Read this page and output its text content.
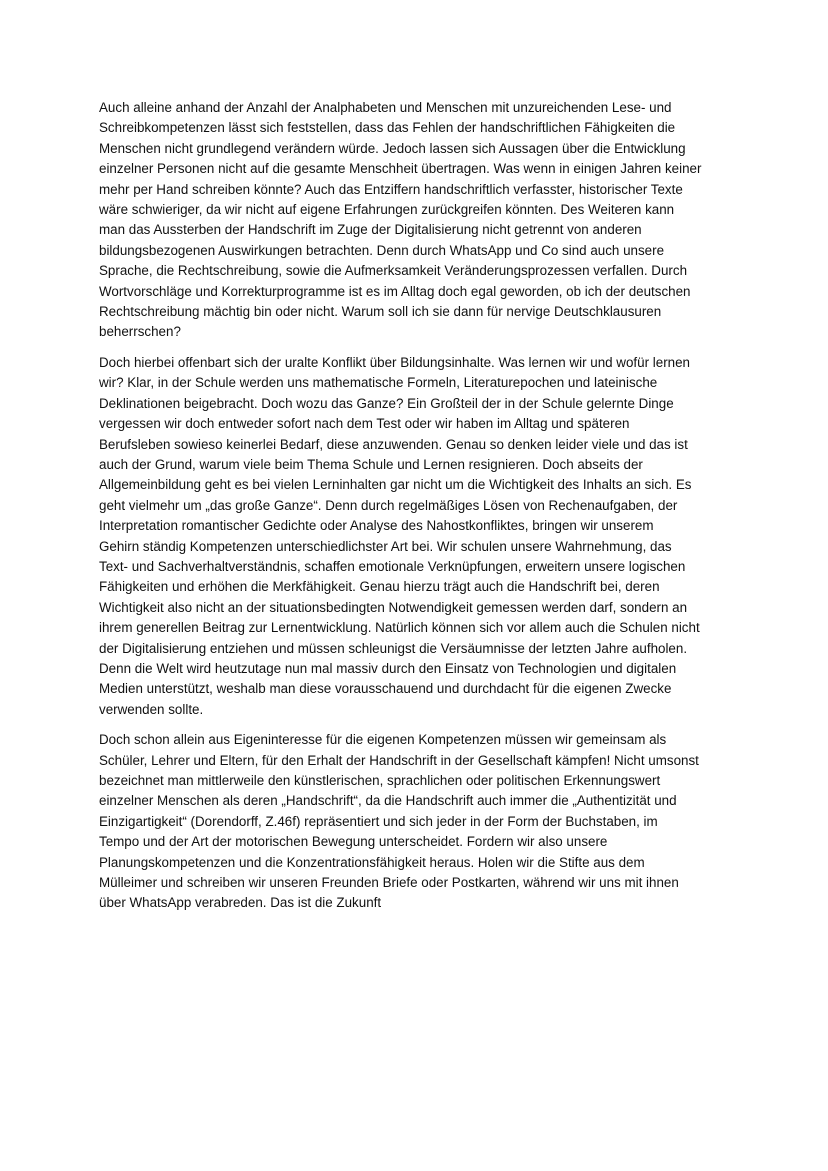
Auch alleine anhand der Anzahl der Analphabeten und Menschen mit unzureichenden Lese- und
Schreibkompetenzen lässt sich feststellen, dass das Fehlen der handschriftlichen Fähigkeiten die
Menschen nicht grundlegend verändern würde. Jedoch lassen sich Aussagen über die Entwicklung
einzelner Personen nicht auf die gesamte Menschheit übertragen. Was wenn in einigen Jahren keiner
mehr per Hand schreiben könnte? Auch das Entziffern handschriftlich verfasster, historischer Texte
wäre schwieriger, da wir nicht auf eigene Erfahrungen zurückgreifen könnten. Des Weiteren kann
man das Aussterben der Handschrift im Zuge der Digitalisierung nicht getrennt von anderen
bildungsbezogenen Auswirkungen betrachten. Denn durch WhatsApp und Co sind auch unsere
Sprache, die Rechtschreibung, sowie die Aufmerksamkeit Veränderungsprozessen verfallen. Durch
Wortvorschläge und Korrekturprogramme ist es im Alltag doch egal geworden, ob ich der deutschen
Rechtschreibung mächtig bin oder nicht. Warum soll ich sie dann für nervige Deutschklausuren
beherrschen?

Doch hierbei offenbart sich der uralte Konflikt über Bildungsinhalte. Was lernen wir und wofür lernen
wir? Klar, in der Schule werden uns mathematische Formeln, Literaturepochen und lateinische
Deklinationen beigebracht. Doch wozu das Ganze? Ein Großteil der in der Schule gelernte Dinge
vergessen wir doch entweder sofort nach dem Test oder wir haben im Alltag und späteren
Berufsleben sowieso keinerlei Bedarf, diese anzuwenden. Genau so denken leider viele und das ist
auch der Grund, warum viele beim Thema Schule und Lernen resignieren. Doch abseits der
Allgemeinbildung geht es bei vielen Lerninhalten gar nicht um die Wichtigkeit des Inhalts an sich. Es
geht vielmehr um „das große Ganze“. Denn durch regelmäßiges Lösen von Rechenaufgaben, der
Interpretation romantischer Gedichte oder Analyse des Nahostkonfliktes, bringen wir unserem
Gehirn ständig Kompetenzen unterschiedlichster Art bei. Wir schulen unsere Wahrnehmung, das
Text- und Sachverhaltverständnis, schaffen emotionale Verknüpfungen, erweitern unsere logischen
Fähigkeiten und erhöhen die Merkfähigkeit. Genau hierzu trägt auch die Handschrift bei, deren
Wichtigkeit also nicht an der situationsbedingten Notwendigkeit gemessen werden darf, sondern an
ihrem generellen Beitrag zur Lernentwicklung. Natürlich können sich vor allem auch die Schulen nicht
der Digitalisierung entziehen und müssen schleunigst die Versäumnisse der letzten Jahre aufholen.
Denn die Welt wird heutzutage nun mal massiv durch den Einsatz von Technologien und digitalen
Medien unterstützt, weshalb man diese vorausschauend und durchdacht für die eigenen Zwecke
verwenden sollte.

Doch schon allein aus Eigeninteresse für die eigenen Kompetenzen müssen wir gemeinsam als
Schüler, Lehrer und Eltern, für den Erhalt der Handschrift in der Gesellschaft kämpfen! Nicht umsonst
bezeichnet man mittlerweile den künstlerischen, sprachlichen oder politischen Erkennungswert
einzelner Menschen als deren „Handschrift“, da die Handschrift auch immer die „Authentizität und
Einzigartigkeit“ (Dorendorff, Z.46f) repräsentiert und sich jeder in der Form der Buchstaben, im
Tempo und der Art der motorischen Bewegung unterscheidet. Fordern wir also unsere
Planungskompetenzen und die Konzentrationsfähigkeit heraus. Holen wir die Stifte aus dem
Mülleimer und schreiben wir unseren Freunden Briefe oder Postkarten, während wir uns mit ihnen
über WhatsApp verabreden. Das ist die Zukunft
